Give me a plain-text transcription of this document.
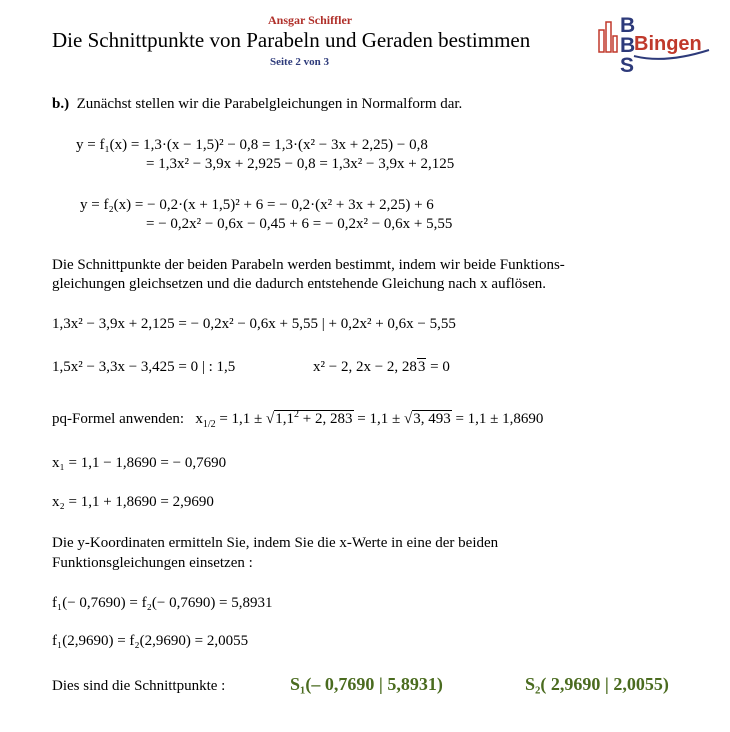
Ansgar Schiffler
Die Schnittpunkte von Parabeln und Geraden bestimmen
Seite 2 von 3
B
B
S
Bingen
b.) Zunächst stellen wir die Parabelgleichungen in Normalform dar.
y = f₁(x) = 1,3·(x − 1,5)² − 0,8 = 1,3·(x² − 3x + 2,25) − 0,8
= 1,3x² − 3,9x + 2,925 − 0,8 = 1,3x² − 3,9x + 2,125
y = f₂(x) = − 0,2·(x + 1,5)² + 6 = − 0,2·(x² + 3x + 2,25) + 6
= − 0,2x² − 0,6x − 0,45 + 6 = − 0,2x² − 0,6x + 5,55
Die Schnittpunkte der beiden Parabeln werden bestimmt, indem wir beide Funktions-
gleichungen gleichsetzen und die dadurch entstehende Gleichung nach x auflösen.
1,3x² − 3,9x + 2,125 = − 0,2x² − 0,6x + 5,55 | + 0,2x² + 0,6x − 5,55
1,5x² − 3,3x − 3,425 = 0 | : 1,5	x² − 2, 2x − 2, 283 = 0
pq-Formel anwenden: $x_{1/2} = 1,1 \pm √1,1^2 + 2$, 283 = 1,1 ± √3, 493 = 1,1 ± 1,8690
x₁ = 1,1 − 1,8690 = − 0,7690
x₂ = 1,1 + 1,8690 = 2,9690
Die y-Koordinaten ermitteln Sie, indem Sie die x-Werte in eine der beiden
Funktionsgleichungen einsetzen :
f₁(− 0,7690) = f₂(− 0,7690) = 5,8931
f₁(2,9690) = f₂(2,9690) = 2,0055
Dies sind die Schnittpunkte :	S₁(– 0,7690 | 5,8931)	S₂( 2,9690 | 2,0055)
